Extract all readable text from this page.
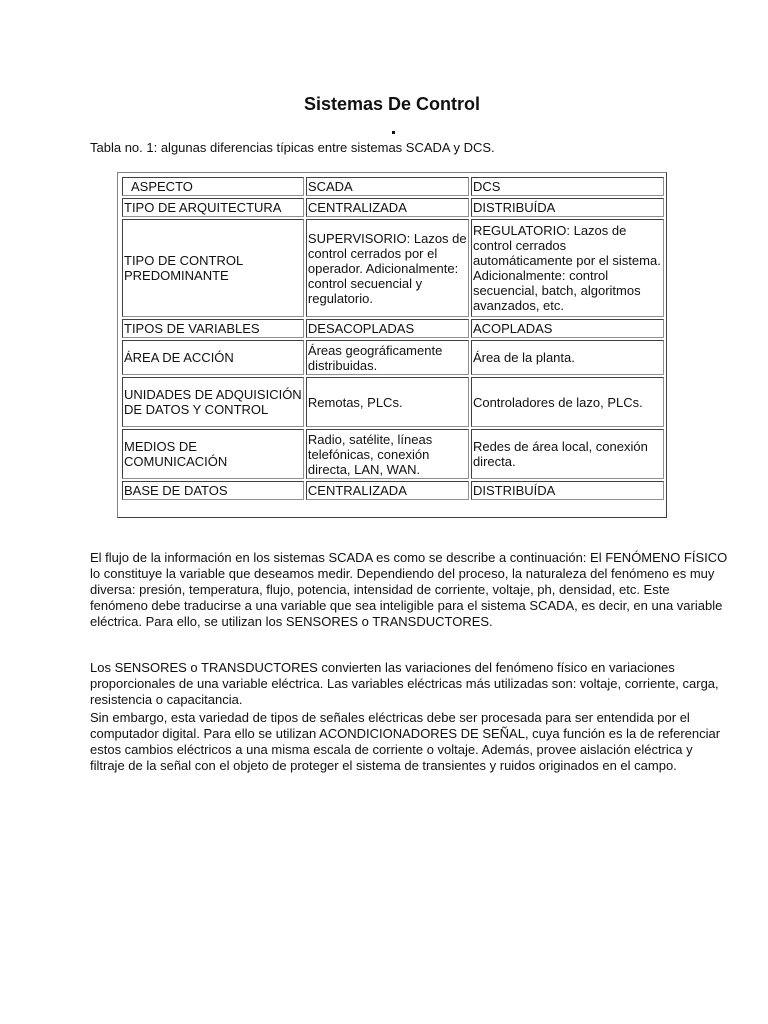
Sistemas De Control

Tabla no. 1: algunas diferencias típicas entre sistemas SCADA y DCS.

ASPECTO	SCADA	DCS
TIPO DE ARQUITECTURA	CENTRALIZADA	DISTRIBUÍDA
TIPO DE CONTROL PREDOMINANTE	SUPERVISORIO: Lazos de control cerrados por el operador. Adicionalmente: control secuencial y regulatorio.	REGULATORIO: Lazos de control cerrados automáticamente por el sistema. Adicionalmente: control secuencial, batch, algoritmos avanzados, etc.
TIPOS DE VARIABLES	DESACOPLADAS	ACOPLADAS
ÁREA DE ACCIÓN	Áreas geográficamente distribuidas.	Área de la planta.
UNIDADES DE ADQUISICIÓN DE DATOS Y CONTROL	Remotas, PLCs.	Controladores de lazo, PLCs.
MEDIOS DE COMUNICACIÓN	Radio, satélite, líneas telefónicas, conexión directa, LAN, WAN.	Redes de área local, conexión directa.
BASE DE DATOS	CENTRALIZADA	DISTRIBUÍDA

El flujo de la información en los sistemas SCADA es como se describe a continuación: El FENÓMENO FÍSICO lo constituye la variable que deseamos medir. Dependiendo del proceso, la naturaleza del fenómeno es muy diversa: presión, temperatura, flujo, potencia, intensidad de corriente, voltaje, ph, densidad, etc. Este fenómeno debe traducirse a una variable que sea inteligible para el sistema SCADA, es decir, en una variable eléctrica. Para ello, se utilizan los SENSORES o TRANSDUCTORES.

Los SENSORES o TRANSDUCTORES convierten las variaciones del fenómeno físico en variaciones proporcionales de una variable eléctrica. Las variables eléctricas más utilizadas son: voltaje, corriente, carga, resistencia o capacitancia.

Sin embargo, esta variedad de tipos de señales eléctricas debe ser procesada para ser entendida por el computador digital. Para ello se utilizan ACONDICIONADORES DE SEÑAL, cuya función es la de referenciar estos cambios eléctricos a una misma escala de corriente o voltaje. Además, provee aislación eléctrica y filtraje de la señal con el objeto de proteger el sistema de transientes y ruidos originados en el campo.
